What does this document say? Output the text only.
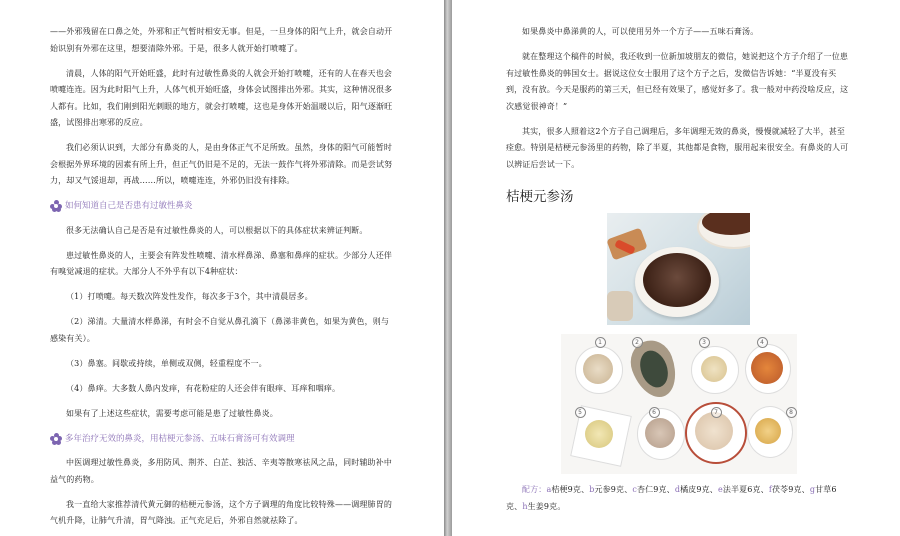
——外邪残留在口鼻之处，外邪和正气暂时相安无事。但是，一旦身体的阳气上升，就会自动开始识别有外邪在这里，想要清除外邪。于是，很多人就开始打喷嚏了。

清晨，人体的阳气开始旺盛，此时有过敏性鼻炎的人就会开始打喷嚏，还有的人在春天也会喷嚏连连。因为此时阳气上升，人体气机开始旺盛，身体会试图排出外邪。其实，这种情况很多人都有。比如，我们刚到阳光刺眼的地方，就会打喷嚏，这也是身体开始温暖以后，阳气逐渐旺盛，试图排出寒邪的反应。

我们必须认识到，大部分有鼻炎的人，是由身体正气不足所致。虽然，身体的阳气可能暂时会根据外界环境的因素有所上升，但正气仍旧是不足的，无法一鼓作气将外邪清除。而是尝试努力，却又气馁退却，再战……所以，喷嚏连连，外邪仍旧没有排除。

如何知道自己是否患有过敏性鼻炎

很多无法确认自己是否是有过敏性鼻炎的人，可以根据以下的具体症状来辨证判断。

患过敏性鼻炎的人，主要会有阵发性喷嚏、清水样鼻涕、鼻塞和鼻痒的症状。少部分人还伴有嗅觉减退的症状。大部分人不外乎有以下4种症状：

（1）打喷嚏。每天数次阵发性发作，每次多于3个，其中清晨居多。

（2）涕清。大量清水样鼻涕，有时会不自觉从鼻孔滴下（鼻涕非黄色，如果为黄色，则与感染有关）。

（3）鼻塞。间歇或持续，单侧或双侧，轻重程度不一。

（4）鼻痒。大多数人鼻内发痒，有花粉症的人还会伴有眼痒、耳痒和咽痒。

如果有了上述这些症状，需要考虑可能是患了过敏性鼻炎。

多年治疗无效的鼻炎，用桔梗元参汤、五味石膏汤可有效调理

中医调理过敏性鼻炎，多用防风、荆芥、白芷、独活、辛夷等散寒祛风之品，同时辅助补中益气的药物。

我一直给大家推荐清代黄元御的桔梗元参汤，这个方子调理的角度比较特殊——调理肺胃的气机升降，让肺气升清，胃气降浊。正气充足后，外邪自然就祛除了。

如果鼻炎中鼻涕黄的人，可以使用另外一个方子——五味石膏汤。

就在整理这个稿件的时候，我还收到一位新加坡朋友的微信，她说把这个方子介绍了一位患有过敏性鼻炎的韩国女士。据说这位女士服用了这个方子之后，发微信告诉她：“半夏没有买到，没有放。今天是服药的第三天，但已经有效果了，感觉好多了。我一般对中药没啥反应，这次感觉很神奇！”

其实，很多人照着这2个方子自己调理后，多年调理无效的鼻炎，慢慢就减轻了大半，甚至痊愈。特别是桔梗元参汤里的药物，除了半夏，其他都是食物，服用起来很安全。有鼻炎的人可以辨证后尝试一下。

桔梗元参汤
1	2	3	4
5	6	7	8

配方：a桔梗9克、b元参9克、c杏仁9克、d橘皮9克、e法半夏6克、f茯苓9克、g甘草6克、h生姜9克。
